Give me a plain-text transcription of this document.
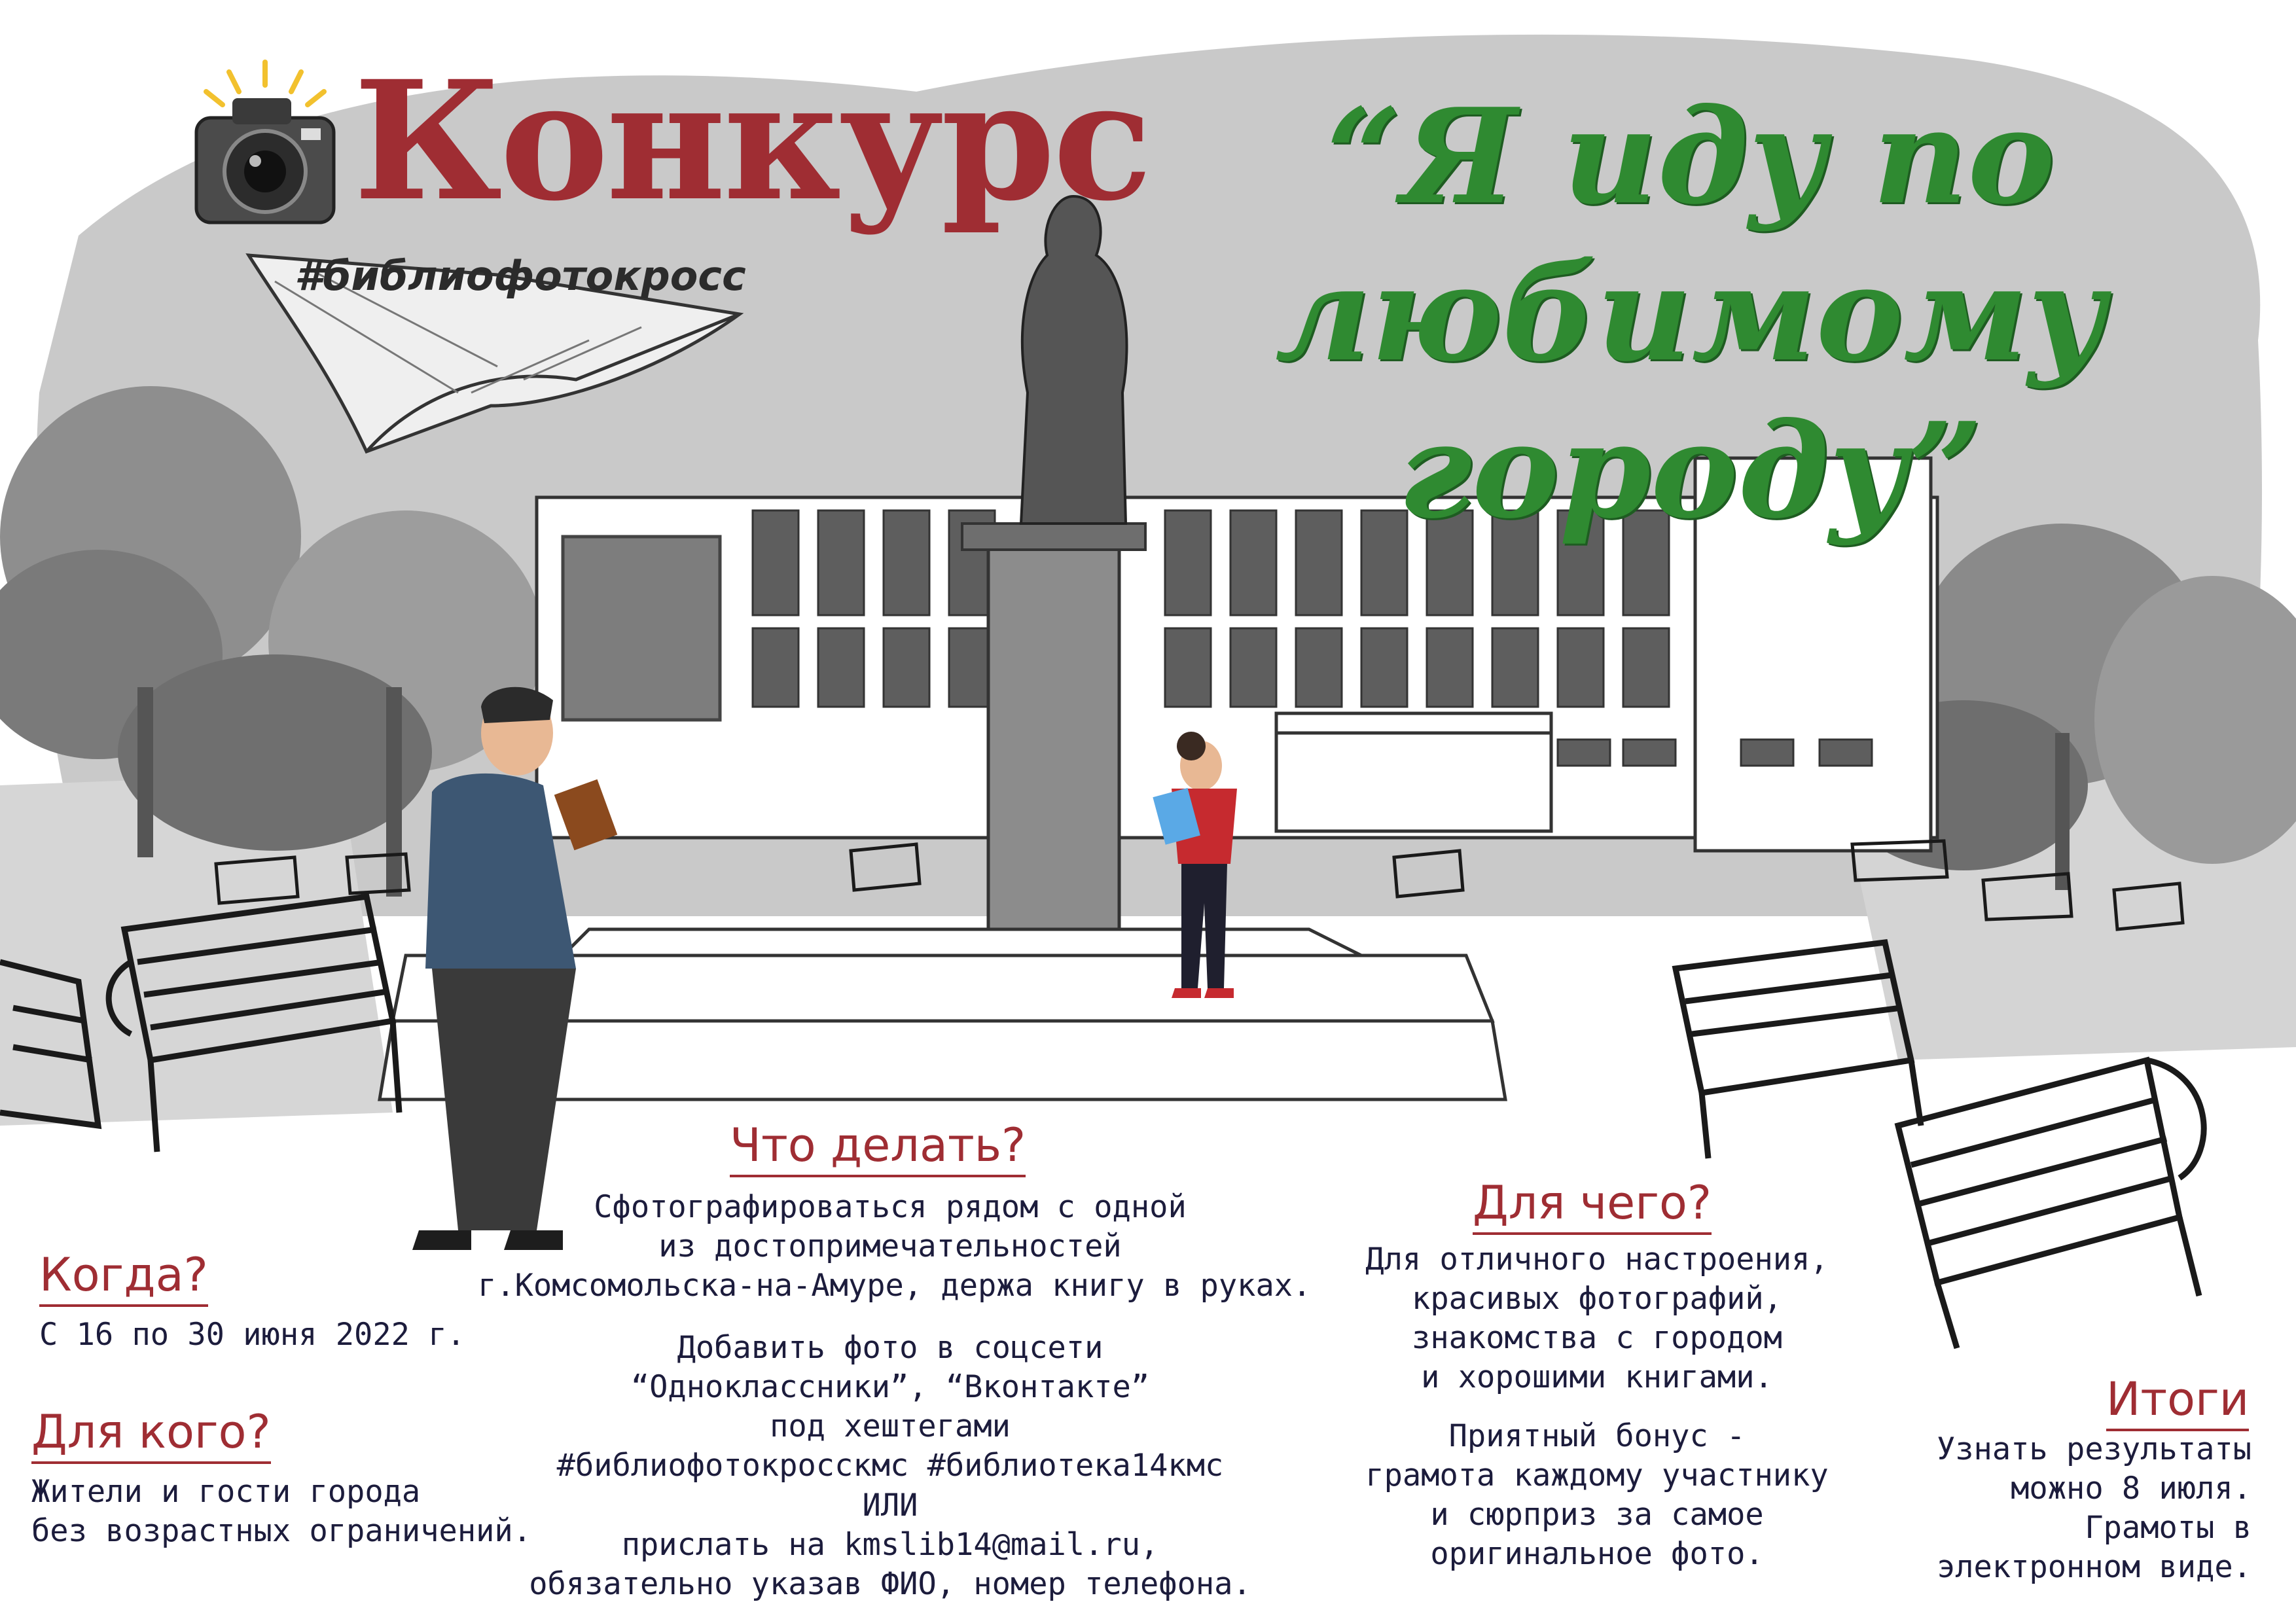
Конкурс
#библиофотокросс
“Я иду по
любимому городу”
Когда?
С 16 по 30 июня 2022 г.
Для кого?
Жители и гости города
без возрастных ограничений.
Что делать?
Сфотографироваться рядом с одной
из достопримечательностей
г.Комсомольска-на-Амуре, держа книгу в руках.
Добавить фото в соцсети
“Одноклассники”, “Вконтакте”
под хештегами
#библиофотокросскмс #библиотека14кмс
ИЛИ
прислать на kmslib14@mail.ru,
обязательно указав ФИО, номер телефона.
Для чего?
Для отличного настроения,
красивых фотографий,
знакомства с городом
и хорошими книгами.
Приятный бонус -
грамота каждому участнику
и сюрприз за самое
оригинальное фото.
Итоги
Узнать результаты
можно 8 июля.
Грамоты в
электронном виде.
